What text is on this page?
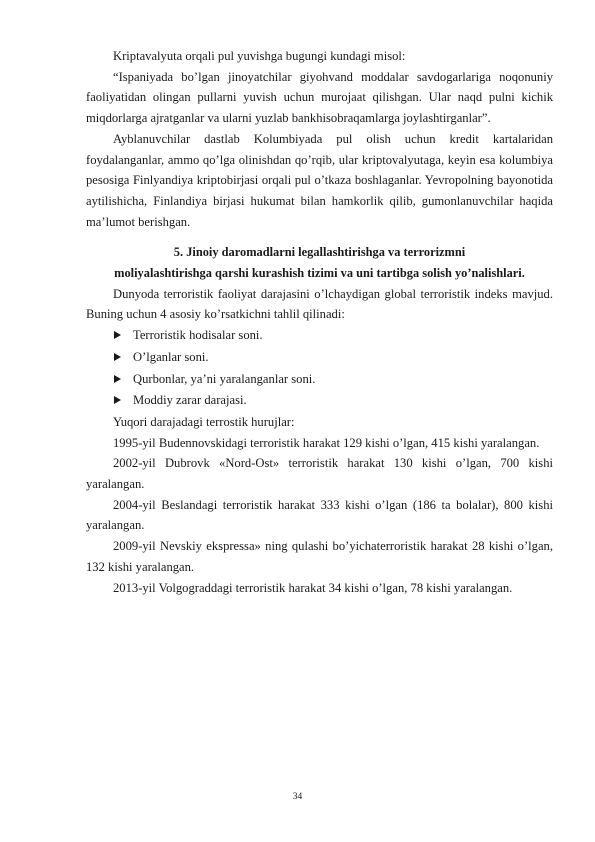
Kriptavalyuta orqali pul yuvishga bugungi kundagi misol:

“Ispaniyada bo’lgan jinoyatchilar giyohvand moddalar savdogarlariga noqonuniy faoliyatidan olingan pullarni yuvish uchun murojaat qilishgan. Ular naqd pulni kichik miqdorlarga ajratganlar va ularni yuzlab bankhisobraqamlarga joylashtirganlar”.

Ayblanuvchilar dastlab Kolumbiyada pul olish uchun kredit kartalaridan foydalanganlar, ammo qo’lga olinishdan qo’rqib, ular kriptovalyutaga, keyin esa kolumbiya pesosiga Finlyandiya kriptobirjasi orqali pul o’tkaza boshlaganlar. Yevropolning bayonotida aytilishicha, Finlandiya birjasi hukumat bilan hamkorlik qilib, gumonlanuvchilar haqida ma’lumot berishgan.

5. Jinoiy daromadlarni legallashtirishga va terrorizmni
moliyalashtirishga qarshi kurashish tizimi va uni tartibga solish yo’nalishlari.

Dunyoda terroristik faoliyat darajasini o’lchaydigan global terroristik indeks mavjud. Buning uchun 4 asosiy ko’rsatkichni tahlil qilinadi:

Terroristik hodisalar soni.
O’lganlar soni.
Qurbonlar, ya’ni yaralanganlar soni.
Moddiy zarar darajasi.

Yuqori darajadagi terrostik hurujlar:

1995-yil Budennovskidagi terroristik harakat 129 kishi o’lgan, 415 kishi yaralangan.

2002-yil Dubrovk «Nord-Ost» terroristik harakat 130 kishi o’lgan, 700 kishi yaralangan.

2004-yil Beslandagi terroristik harakat 333 kishi o’lgan (186 ta bolalar), 800 kishi yaralangan.

2009-yil Nevskiy ekspressa» ning qulashi bo’yichaterroristik harakat 28 kishi o’lgan, 132 kishi yaralangan.

2013-yil Volgograddagi terroristik harakat 34 kishi o’lgan, 78 kishi yaralangan.

34
